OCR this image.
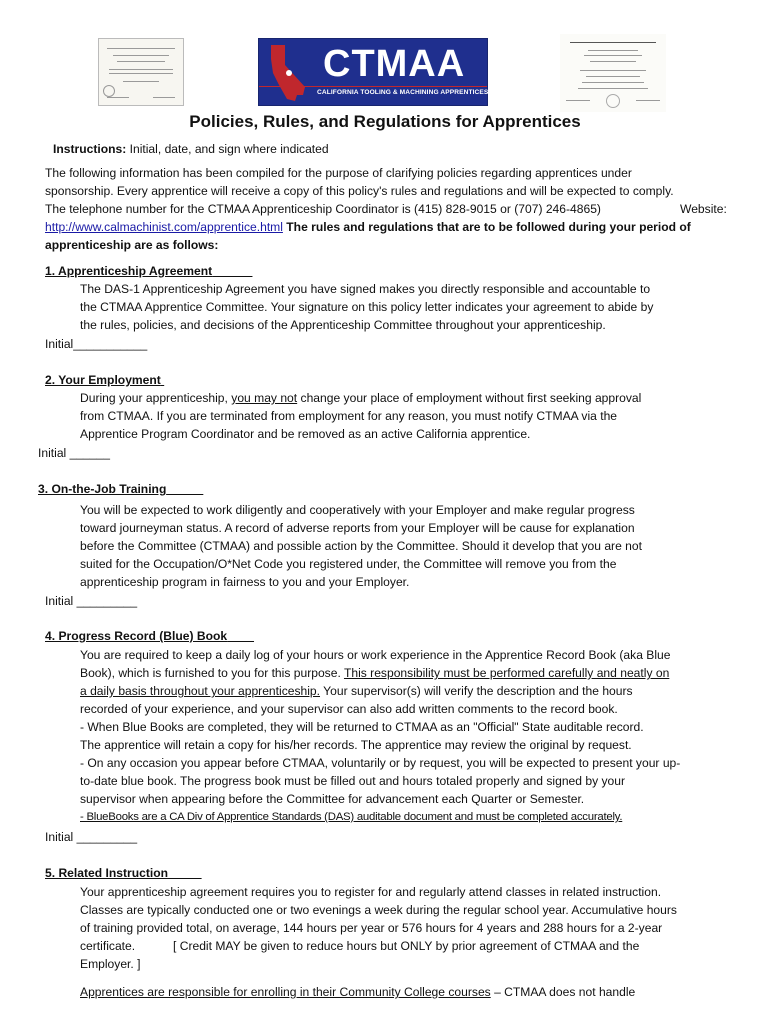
CTMAA
CALIFORNIA TOOLING & MACHINING APPRENTICESHIP ASSOCIATION
Policies, Rules, and Regulations for Apprentices
Instructions: Initial, date, and sign where indicated
The following information has been compiled for the purpose of clarifying policies regarding apprentices under
sponsorship. Every apprentice will receive a copy of this policy's rules and regulations and will be expected to comply.
The telephone number for the CTMAA Apprenticeship Coordinator is (415) 828-9015 or (707) 246-4865)	Website:
http://www.calmachinist.com/apprentice.html The rules and regulations that are to be followed during your period of
apprenticeship are as follows:
1. Apprenticeship Agreement
The DAS-1 Apprenticeship Agreement you have signed makes you directly responsible and accountable to
the CTMAA Apprentice Committee. Your signature on this policy letter indicates your agreement to abide by
the rules, policies, and decisions of the Apprenticeship Committee throughout your apprenticeship.
Initial___________
2. Your Employment
During your apprenticeship, you may not change your place of employment without first seeking approval
from CTMAA. If you are terminated from employment for any reason, you must notify CTMAA via the
Apprentice Program Coordinator and be removed as an active California apprentice.
Initial ______
3. On-the-Job Training
You will be expected to work diligently and cooperatively with your Employer and make regular progress
toward journeyman status. A record of adverse reports from your Employer will be cause for explanation
before the Committee (CTMAA) and possible action by the Committee. Should it develop that you are not
suited for the Occupation/O*Net Code you registered under, the Committee will remove you from the
apprenticeship program in fairness to you and your Employer.
Initial _________
4. Progress Record (Blue) Book
You are required to keep a daily log of your hours or work experience in the Apprentice Record Book (aka Blue
Book), which is furnished to you for this purpose. This responsibility must be performed carefully and neatly on
a daily basis throughout your apprenticeship. Your supervisor(s) will verify the description and the hours
recorded of your experience, and your supervisor can also add written comments to the record book.
- When Blue Books are completed, they will be returned to CTMAA as an "Official" State auditable record.
The apprentice will retain a copy for his/her records. The apprentice may review the original by request.
- On any occasion you appear before CTMAA, voluntarily or by request, you will be expected to present your up-
to-date blue book. The progress book must be filled out and hours totaled properly and signed by your
supervisor when appearing before the Committee for advancement each Quarter or Semester.
- BlueBooks are a CA Div of Apprentice Standards (DAS) auditable document and must be completed accurately.
Initial _________
5. Related Instruction
Your apprenticeship agreement requires you to register for and regularly attend classes in related instruction.
Classes are typically conducted one or two evenings a week during the regular school year. Accumulative hours
of training provided total, on average, 144 hours per year or 576 hours for 4 years and 288 hours for a 2-year
certificate.	[ Credit MAY be given to reduce hours but ONLY by prior agreement of CTMAA and the
Employer. ]
Apprentices are responsible for enrolling in their Community College courses – CTMAA does not handle
